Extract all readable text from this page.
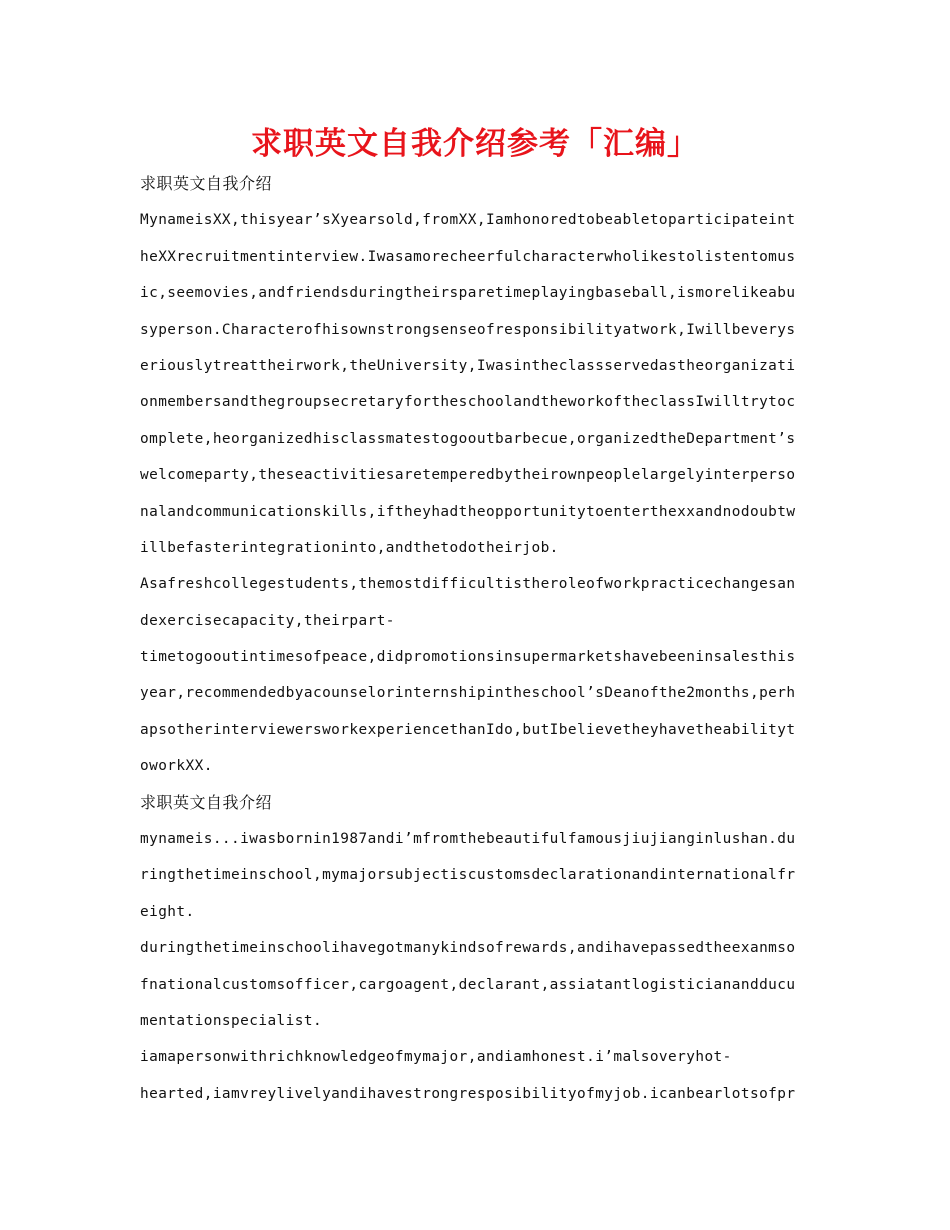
求职英文自我介绍参考「汇编」
求职英文自我介绍
MynameisXX,thisyear’sXyearsold,fromXX,Iamhonoredtobeabletoparticipateint
heXXrecruitmentinterview.Iwasamorecheerfulcharacterwholikestolistentomus
ic,seemovies,andfriendsduringtheirsparetimeplayingbaseball,ismorelikeabu
syperson.Characterofhisownstrongsenseofresponsibilityatwork,Iwillbeverys
eriouslytreattheirwork,theUniversity,Iwasintheclassservedastheorganizati
onmembersandthegroupsecretaryfortheschoolandtheworkoftheclassIwilltrytoc
omplete,heorganizedhisclassmatestogooutbarbecue,organizedtheDepartment’s
welcomeparty,theseactivitiesaretemperedbytheirownpeoplelargelyinterperso
nalandcommunicationskills,iftheyhadtheopportunitytoenterthexxandnodoubtw
illbefasterintegrationinto,andthetodotheirjob.
Asafreshcollegestudents,themostdifficultistheroleofworkpracticechangesan
dexercisecapacity,theirpart-
timetogooutintimesofpeace,didpromotionsinsupermarketshavebeeninsalesthis
year,recommendedbyacounselorinternshipintheschool’sDeanofthe2months,perh
apsotherinterviewersworkexperiencethanIdo,butIbelievetheyhavetheabilityt
oworkXX.
求职英文自我介绍
mynameis...iwasbornin1987andi’mfromthebeautifulfamousjiujianginlushan.du
ringthetimeinschool,mymajorsubjectiscustomsdeclarationandinternationalfr
eight.
duringthetimeinschoolihavegotmanykindsofrewards,andihavepassedtheexanmso
fnationalcustomsofficer,cargoagent,declarant,assiatantlogisticianandducu
mentationspecialist.
iamapersonwithrichknowledgeofmymajor,andiamhonest.i’malsoveryhot-
hearted,iamvreylivelyandihavestrongresposibilityofmyjob.icanbearlotsofpr
